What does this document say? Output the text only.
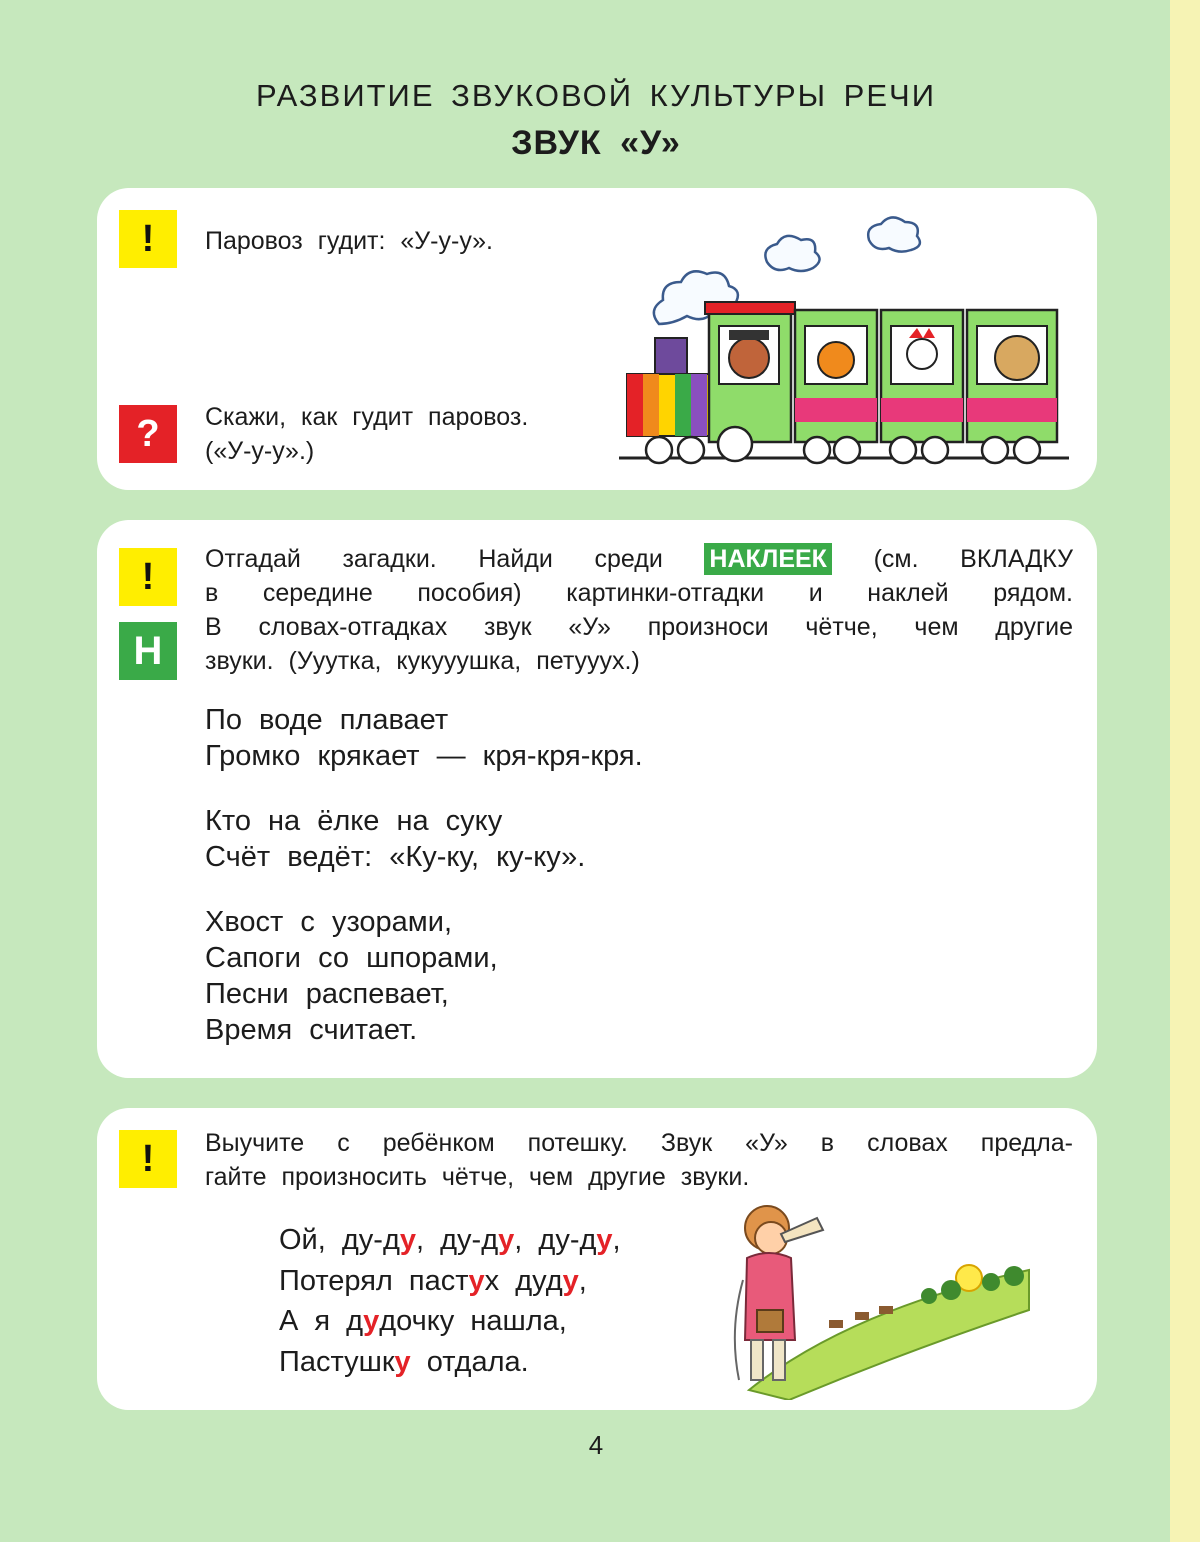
РАЗВИТИЕ ЗВУКОВОЙ КУЛЬТУРЫ РЕЧИ
ЗВУК «У»
!	Паровоз гудит: «У-у-у».
?	Скажи, как гудит паровоз.
(«У-у-у».)
!
Н
Отгадай загадки. Найди среди НАКЛЕЕК (см. ВКЛАДКУ
в середине пособия) картинки-отгадки и наклей рядом.
В словах-отгадках звук «У» произноси чётче, чем другие
звуки. (Ууутка, кукууушка, петууух.)
По воде плавает
Громко крякает — кря-кря-кря.
Кто на ёлке на суку
Счёт ведёт: «Ку-ку, ку-ку».
Хвост с узорами,
Сапоги со шпорами,
Песни распевает,
Время считает.
!	Выучите с ребёнком потешку. Звук «У» в словах предла-
гайте произносить чётче, чем другие звуки.
Ой, ду-ду, ду-ду, ду-ду,
Потерял пастух дуду,
А я дудочку нашла,
Пастушку отдала.
4
